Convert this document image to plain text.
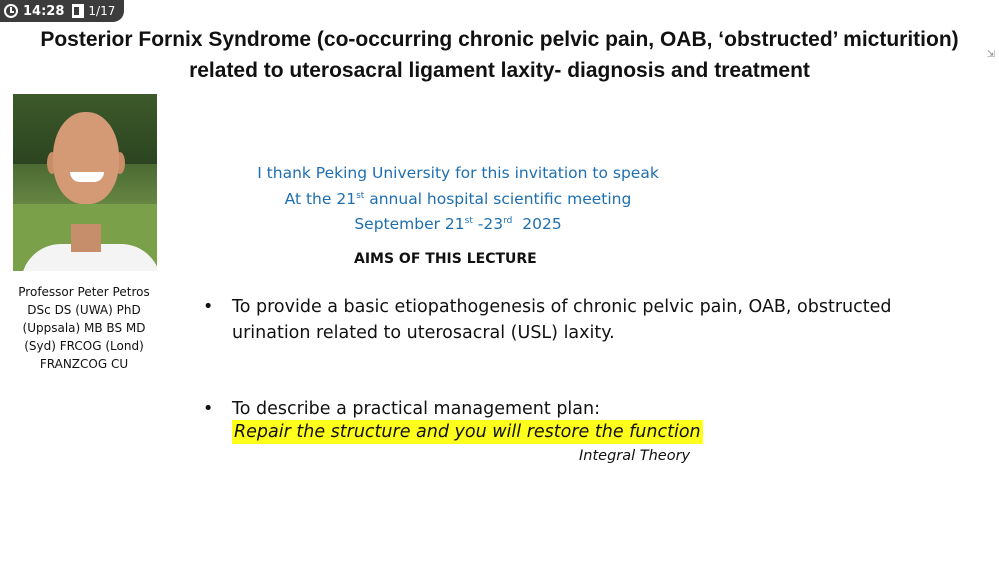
14:28 1/17
⇲
Posterior Fornix Syndrome (co-occurring chronic pelvic pain, OAB, ‘obstructed’ micturition)
related to uterosacral ligament laxity- diagnosis and treatment
Professor Peter Petros
DSc DS (UWA) PhD
(Uppsala) MB BS MD
(Syd) FRCOG (Lond)
FRANZCOG CU
I thank Peking University for this invitation to speak
At the 21st annual hospital scientific meeting
September 21st -23rd  2025
AIMS OF THIS LECTURE
• To provide a basic etiopathogenesis of chronic pelvic pain, OAB, obstructed urination related to uterosacral (USL) laxity.
• To describe a practical management plan:
Repair the structure and you will restore the function
Integral Theory
